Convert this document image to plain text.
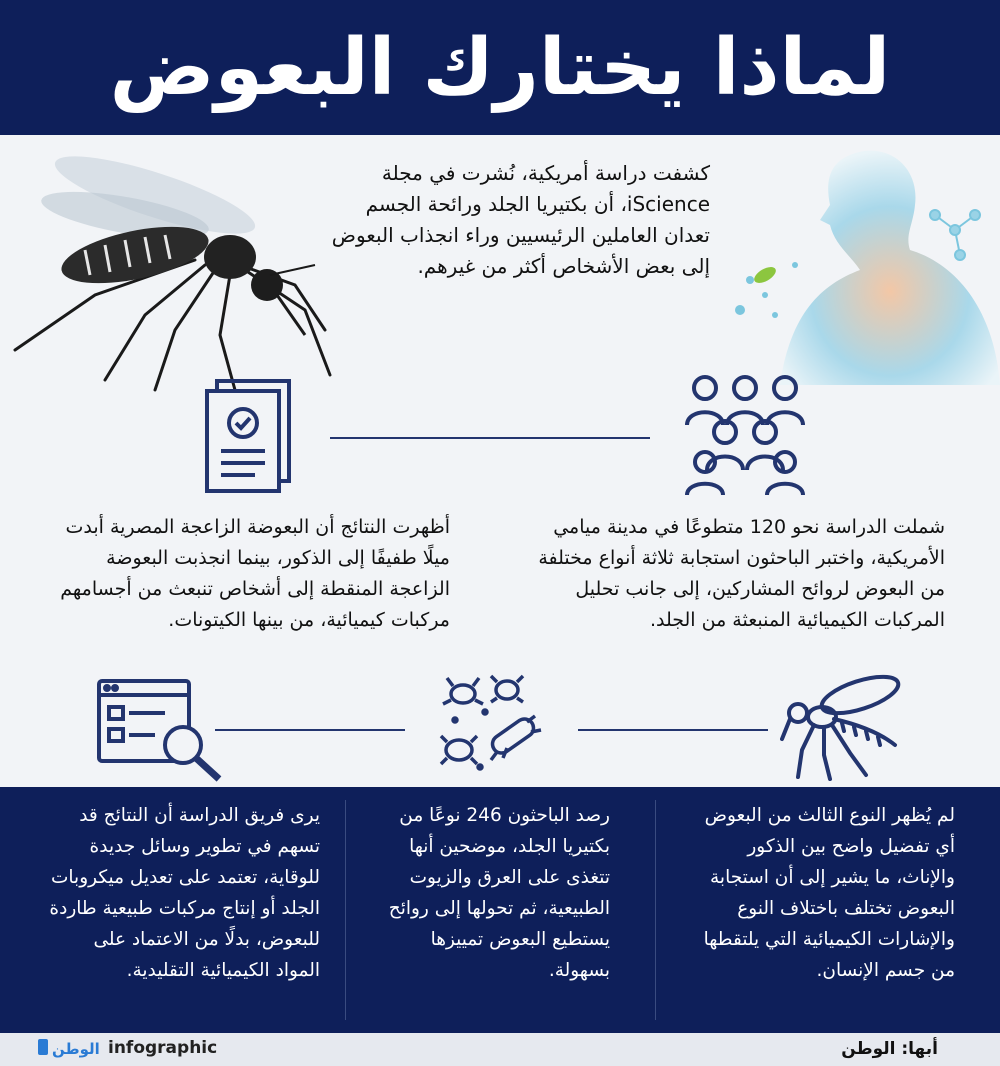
لماذا يختارك البعوض
كشفت دراسة أمريكية، نُشرت في مجلة iScience، أن بكتيريا الجلد ورائحة الجسم تعدان العاملين الرئيسيين وراء انجذاب البعوض إلى بعض الأشخاص أكثر من غيرهم.
أظهرت النتائج أن البعوضة الزاعجة المصرية أبدت ميلًا طفيفًا إلى الذكور، بينما انجذبت البعوضة الزاعجة المنقطة إلى أشخاص تنبعث من أجسامهم مركبات كيميائية، من بينها الكيتونات.
شملت الدراسة نحو 120 متطوعًا في مدينة ميامي الأمريكية، واختبر الباحثون استجابة ثلاثة أنواع مختلفة من البعوض لروائح المشاركين، إلى جانب تحليل المركبات الكيميائية المنبعثة من الجلد.
يرى فريق الدراسة أن النتائج قد تسهم في تطوير وسائل جديدة للوقاية، تعتمد على تعديل ميكروبات الجلد أو إنتاج مركبات طبيعية طاردة للبعوض، بدلًا من الاعتماد على المواد الكيميائية التقليدية.
رصد الباحثون 246 نوعًا من بكتيريا الجلد، موضحين أنها تتغذى على العرق والزيوت الطبيعية، ثم تحولها إلى روائح يستطيع البعوض تمييزها بسهولة.
لم يُظهر النوع الثالث من البعوض أي تفضيل واضح بين الذكور والإناث، ما يشير إلى أن استجابة البعوض تختلف باختلاف النوع والإشارات الكيميائية التي يلتقطها من جسم الإنسان.
الوطن infographic	أبها: الوطن
